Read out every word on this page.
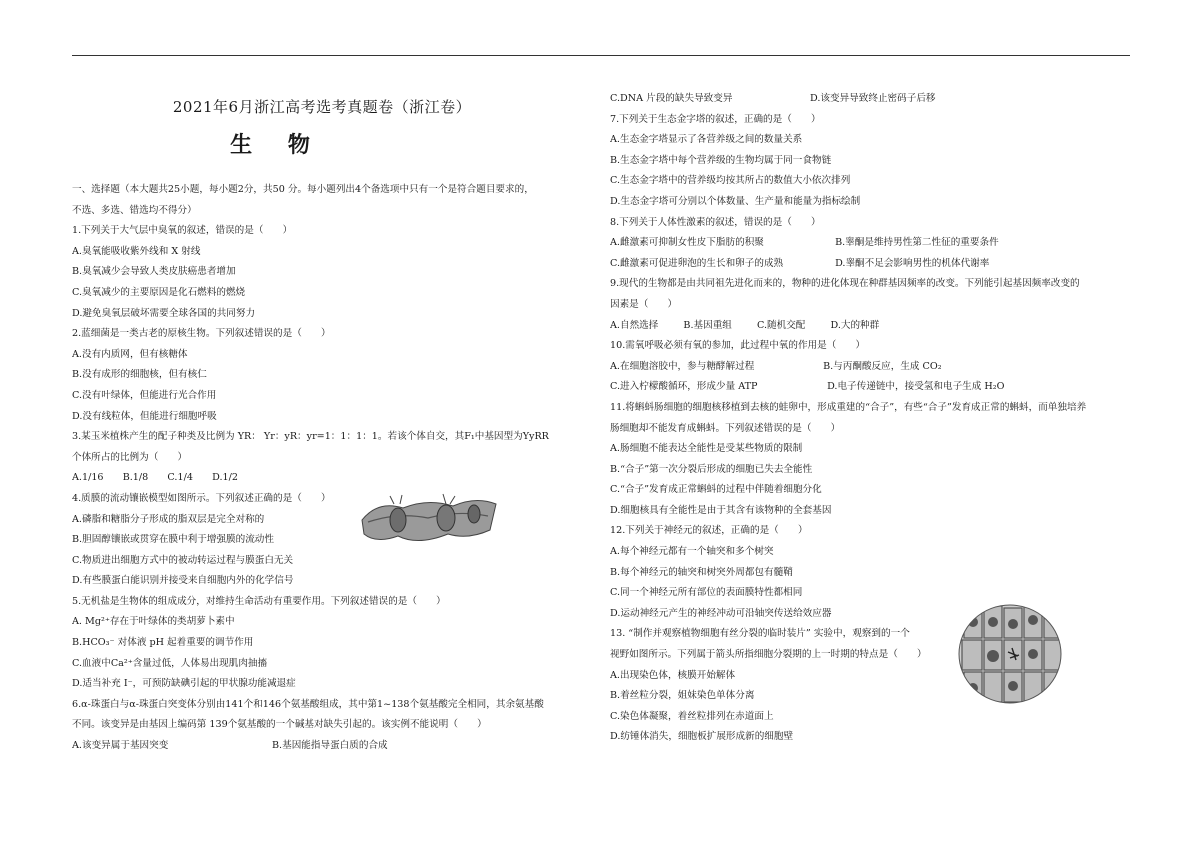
2021年6月浙江高考选考真题卷（浙江卷）
生 物
一、选择题（本大题共25小题，每小题2分，共50 分。每小题列出4个备选项中只有一个是符合题目要求的，
不选、多选、错选均不得分）
1.下列关于大气层中臭氧的叙述，错误的是（　　）
A.臭氧能吸收紫外线和 X 射线
B.臭氧减少会导致人类皮肤癌患者增加
C.臭氧减少的主要原因是化石燃料的燃烧
D.避免臭氧层破坏需要全球各国的共同努力
2.蓝细菌是一类古老的原核生物。下列叙述错误的是（　　）
A.没有内质网，但有核糖体
B.没有成形的细胞核，但有核仁
C.没有叶绿体，但能进行光合作用
D.没有线粒体，但能进行细胞呼吸
3.某玉米植株产生的配子种类及比例为 YR： Yr：yR：yr=1：1：1：1。若该个体自交，其F₁中基因型为YyRR
个体所占的比例为（　　）
A.1/16　　B.1/8　　C.1/4　　D.1/2
4.质膜的流动镶嵌模型如图所示。下列叙述正确的是（　　）
A.磷脂和糖脂分子形成的脂双层是完全对称的
B.胆固醇镶嵌或贯穿在膜中利于增强膜的流动性
C.物质进出细胞方式中的被动转运过程与膜蛋白无关
D.有些膜蛋白能识别并接受来自细胞内外的化学信号
5.无机盐是生物体的组成成分，对维持生命活动有重要作用。下列叙述错误的是（　　）
A. Mg²⁺存在于叶绿体的类胡萝卜素中
B.HCO₃⁻ 对体液 pH 起着重要的调节作用
C.血液中Ca²⁺含量过低，人体易出现肌肉抽搐
D.适当补充 I⁻，可预防缺碘引起的甲状腺功能减退症
6.α-珠蛋白与α-珠蛋白突变体分别由141个和146个氨基酸组成，其中第1~138个氨基酸完全相同，其余氨基酸
不同。该变异是由基因上编码第 139个氨基酸的一个碱基对缺失引起的。该实例不能说明（　　）
A.该变异属于基因突变	B.基因能指导蛋白质的合成
C.DNA 片段的缺失导致变异	D.该变异导致终止密码子后移
7.下列关于生态金字塔的叙述，正确的是（　　）
A.生态金字塔显示了各营养级之间的数量关系
B.生态金字塔中每个营养级的生物均属于同一食物链
C.生态金字塔中的营养级均按其所占的数值大小依次排列
D.生态金字塔可分别以个体数量、生产量和能量为指标绘制
8.下列关于人体性激素的叙述，错误的是（　　）
A.雌激素可抑制女性皮下脂肪的积聚	B.睾酮是维持男性第二性征的重要条件
C.雌激素可促进卵泡的生长和卵子的成熟	D.睾酮不足会影响男性的机体代谢率
9.现代的生物都是由共同祖先进化而来的，物种的进化体现在种群基因频率的改变。下列能引起基因频率改变的
因素是（　　）
A.自然选择	B.基因重组	C.随机交配	D.大的种群
10.需氧呼吸必须有氧的参加，此过程中氧的作用是（　　）
A.在细胞溶胶中，参与糖酵解过程	B.与丙酮酸反应，生成 CO₂
C.进入柠檬酸循环，形成少量 ATP	D.电子传递链中，接受氢和电子生成 H₂O
11.将蝌蚪肠细胞的细胞核移植到去核的蛙卵中，形成重建的“合子”，有些“合子”发育成正常的蝌蚪，而单独培养
肠细胞却不能发育成蝌蚪。下列叙述错误的是（　　）
A.肠细胞不能表达全能性是受某些物质的限制
B.“合子”第一次分裂后形成的细胞已失去全能性
C.“合子”发育成正常蝌蚪的过程中伴随着细胞分化
D.细胞核具有全能性是由于其含有该物种的全套基因
12.下列关于神经元的叙述，正确的是（　　）
A.每个神经元都有一个轴突和多个树突
B.每个神经元的轴突和树突外周都包有髓鞘
C.同一个神经元所有部位的表面膜特性都相同
D.运动神经元产生的神经冲动可沿轴突传送给效应器
13. “制作并观察植物细胞有丝分裂的临时装片” 实验中，观察到的一个
视野如图所示。下列属于箭头所指细胞分裂期的上一时期的特点是（　　）
A.出现染色体，核膜开始解体
B.着丝粒分裂，姐妹染色单体分离
C.染色体凝聚，着丝粒排列在赤道面上
D.纺锤体消失，细胞板扩展形成新的细胞壁
